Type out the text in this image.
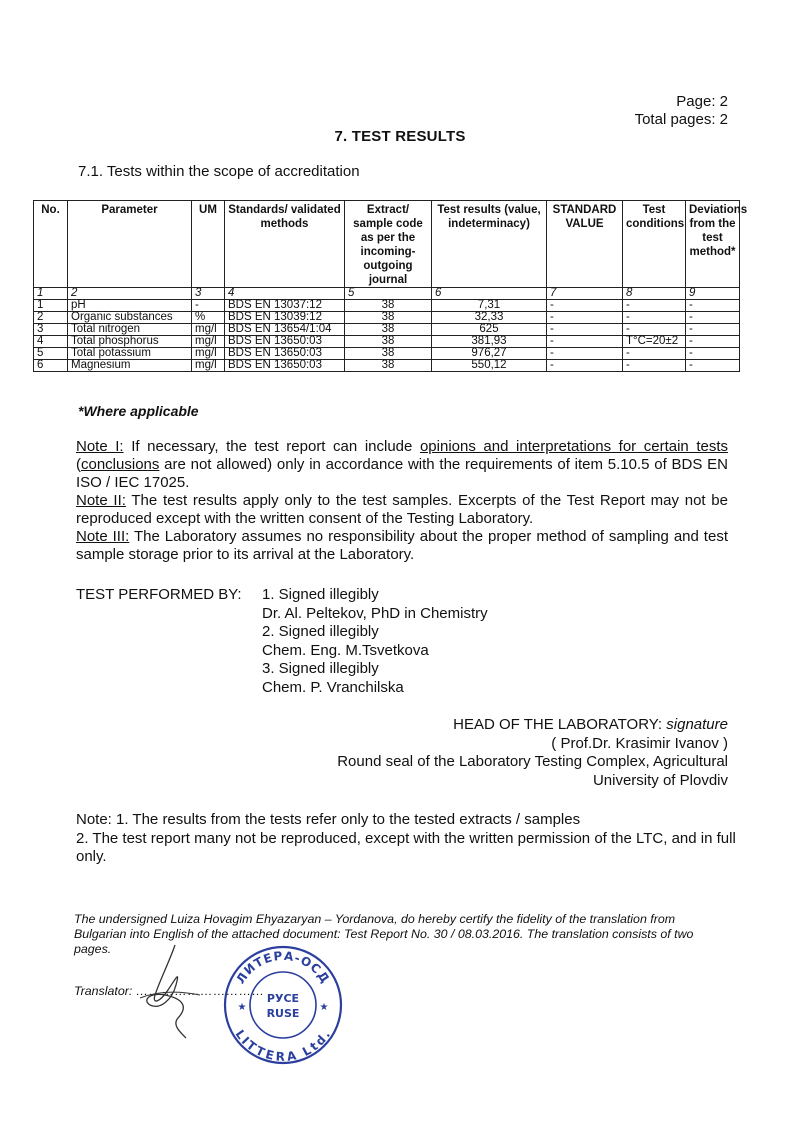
Page: 2
Total pages: 2
7. TEST RESULTS
7.1. Tests within the scope of accreditation
No.	Parameter	UM	Standards/ validated methods	Extract/ sample code as per the incoming-outgoing journal	Test results (value, indeterminacy)	STANDARD VALUE	Test conditions	Deviations from the test method*
1	2	3	4	5	6	7	8	9
1	pH	-	BDS EN 13037:12	38	7,31	-	-	-
2	Organic substances	%	BDS EN 13039:12	38	32,33	-	-	-
3	Total nitrogen	mg/l	BDS EN 13654/1:04	38	625	-	-	-
4	Total phosphorus	mg/l	BDS EN 13650:03	38	381,93	-	T°C=20±2	-
5	Total potassium	mg/l	BDS EN 13650:03	38	976,27	-	-	-
6	Magnesium	mg/l	BDS EN 13650:03	38	550,12	-	-	-
*Where applicable

Note I: If necessary, the test report can include opinions and interpretations for certain tests (conclusions are not allowed) only in accordance with the requirements of item 5.10.5 of BDS EN ISO / IEC 17025.

Note II: The test results apply only to the test samples. Excerpts of the Test Report may not be reproduced except with the written consent of the Testing Laboratory.

Note III: The Laboratory assumes no responsibility about the proper method of sampling and test sample storage prior to its arrival at the Laboratory.

TEST PERFORMED BY: 1. Signed illegibly
Dr. Al. Peltekov, PhD in Chemistry
2. Signed illegibly
Chem. Eng. M.Tsvetkova
3. Signed illegibly
Chem. P. Vranchilska
HEAD OF THE LABORATORY: signature
( Prof.Dr. Krasimir Ivanov )
Round seal of the Laboratory Testing Complex, Agricultural
University of Plovdiv
Note: 1. The results from the tests refer only to the tested extracts / samples
2. The test report many not be reproduced, except with the written permission of the LTC, and in full only.
The undersigned Luiza Hovagim Ehyazaryan – Yordanova, do hereby certify the fidelity of the translation from Bulgarian into English of the attached document: Test Report No. 30 / 08.03.2016. The translation consists of two pages.
Translator: …………………………
ЛИТЕРА-ОСД
LITTERA Ltd.
РУСЕ
RUSE
★	★
